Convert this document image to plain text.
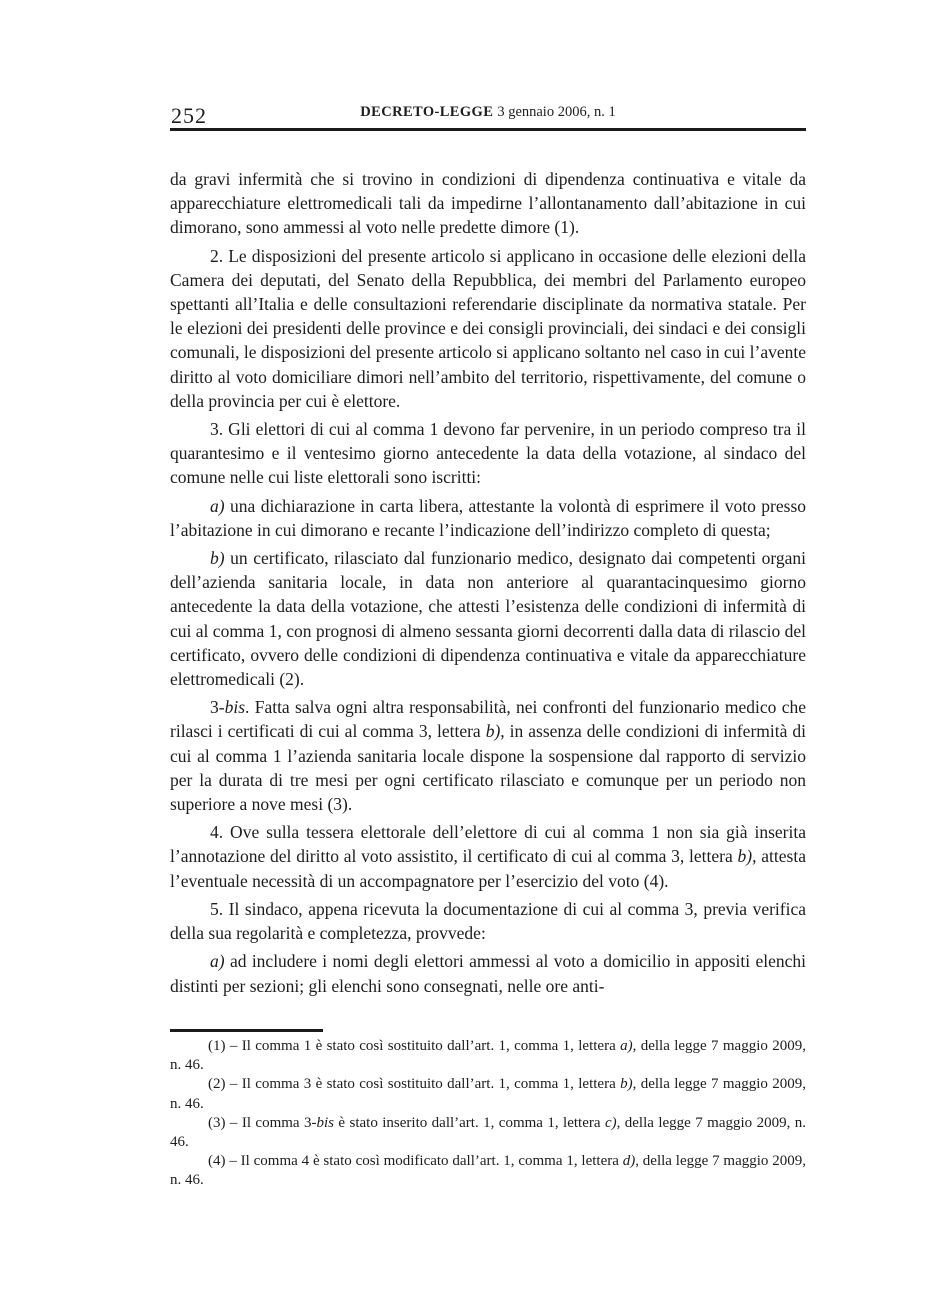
252	DECRETO-LEGGE 3 gennaio 2006, n. 1

da gravi infermità che si trovino in condizioni di dipendenza continuativa e vitale da apparecchiature elettromedicali tali da impedirne l’allontanamento dall’abitazione in cui dimorano, sono ammessi al voto nelle predette dimore (1).

2. Le disposizioni del presente articolo si applicano in occasione delle elezioni della Camera dei deputati, del Senato della Repubblica, dei membri del Parlamento europeo spettanti all’Italia e delle consultazioni referendarie disciplinate da normativa statale. Per le elezioni dei presidenti delle province e dei consigli provinciali, dei sindaci e dei consigli comunali, le disposizioni del presente articolo si applicano soltanto nel caso in cui l’avente diritto al voto domiciliare dimori nell’ambito del territorio, rispettivamente, del comune o della provincia per cui è elettore.

3. Gli elettori di cui al comma 1 devono far pervenire, in un periodo compreso tra il quarantesimo e il ventesimo giorno antecedente la data della votazione, al sindaco del comune nelle cui liste elettorali sono iscritti:

a) una dichiarazione in carta libera, attestante la volontà di esprimere il voto presso l’abitazione in cui dimorano e recante l’indicazione dell’indirizzo completo di questa;

b) un certificato, rilasciato dal funzionario medico, designato dai competenti organi dell’azienda sanitaria locale, in data non anteriore al quarantacinquesimo giorno antecedente la data della votazione, che attesti l’esistenza delle condizioni di infermità di cui al comma 1, con prognosi di almeno sessanta giorni decorrenti dalla data di rilascio del certificato, ovvero delle condizioni di dipendenza continuativa e vitale da apparecchiature elettromedicali (2).

3-bis. Fatta salva ogni altra responsabilità, nei confronti del funzionario medico che rilasci i certificati di cui al comma 3, lettera b), in assenza delle condizioni di infermità di cui al comma 1 l’azienda sanitaria locale dispone la sospensione dal rapporto di servizio per la durata di tre mesi per ogni certificato rilasciato e comunque per un periodo non superiore a nove mesi (3).

4. Ove sulla tessera elettorale dell’elettore di cui al comma 1 non sia già inserita l’annotazione del diritto al voto assistito, il certificato di cui al comma 3, lettera b), attesta l’eventuale necessità di un accompagnatore per l’esercizio del voto (4).

5. Il sindaco, appena ricevuta la documentazione di cui al comma 3, previa verifica della sua regolarità e completezza, provvede:

a) ad includere i nomi degli elettori ammessi al voto a domicilio in appositi elenchi distinti per sezioni; gli elenchi sono consegnati, nelle ore anti-

(1) – Il comma 1 è stato così sostituito dall’art. 1, comma 1, lettera a), della legge 7 maggio 2009, n. 46.

(2) – Il comma 3 è stato così sostituito dall’art. 1, comma 1, lettera b), della legge 7 maggio 2009, n. 46.

(3) – Il comma 3-bis è stato inserito dall’art. 1, comma 1, lettera c), della legge 7 maggio 2009, n. 46.

(4) – Il comma 4 è stato così modificato dall’art. 1, comma 1, lettera d), della legge 7 maggio 2009, n. 46.
